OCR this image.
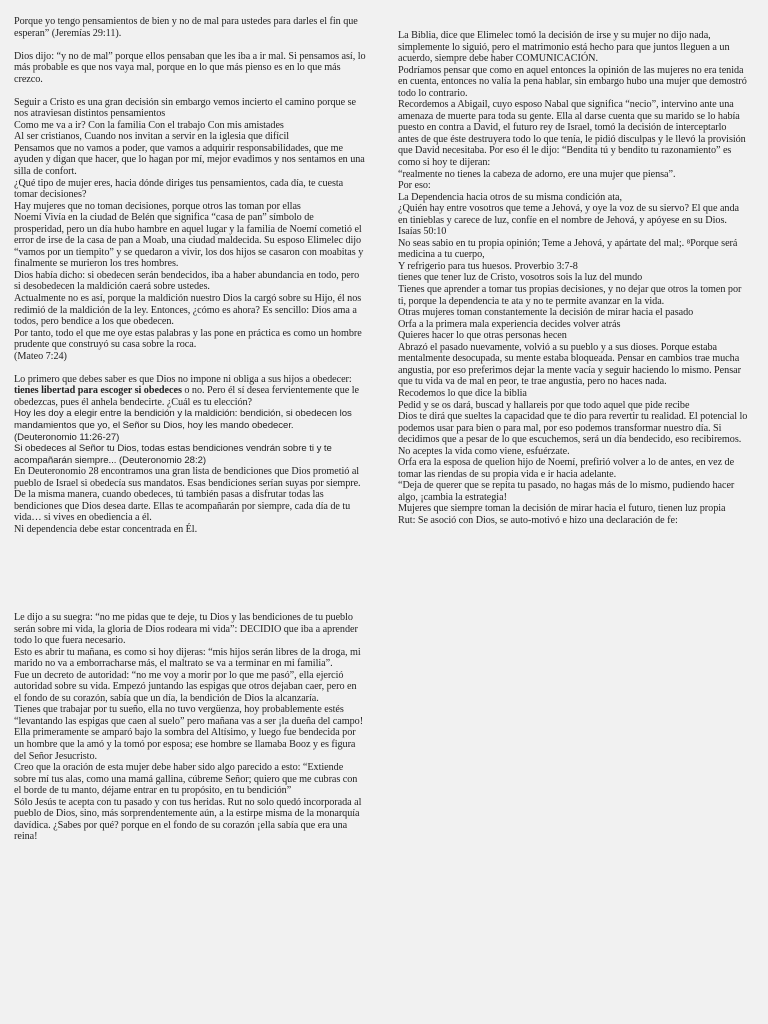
Porque yo tengo pensamientos de bien y no de mal para ustedes para darles el fin que esperan” (Jeremías 29:11).

Dios dijo: “y no de mal” porque ellos pensaban que les iba a ir mal. Si pensamos así, lo más probable es que nos vaya mal, porque en lo que más pienso es en lo que más crezco.

Seguir a Cristo es una gran decisión sin embargo vemos incierto el camino porque se nos atraviesan distintos pensamientos

Como me va a ir? Con la familia Con el trabajo Con mis amistades

Al ser cristianos, Cuando nos invitan a servir en la iglesia que difícil

Pensamos que no vamos a poder, que vamos a adquirir responsabilidades, que me ayuden y digan que hacer, que lo hagan por mí, mejor evadimos y nos sentamos en una silla de confort.

¿Qué tipo de mujer eres, hacia dónde diriges tus pensamientos, cada día, te cuesta tomar decisiones?

Hay mujeres que no toman decisiones, porque otros las toman por ellas

Noemí Vivía en la ciudad de Belén que significa “casa de pan” símbolo de prosperidad, pero un día hubo hambre en aquel lugar y la familia de Noemí cometió el error de irse de la casa de pan a Moab, una ciudad maldecida. Su esposo Elimelec dijo “vamos por un tiempito” y se quedaron a vivir, los dos hijos se casaron con moabitas y finalmente se murieron los tres hombres.

Dios había dicho: si obedecen serán bendecidos, iba a haber abundancia en todo, pero si desobedecen la maldición caerá sobre ustedes.

Actualmente no es así, porque la maldición nuestro Dios la cargó sobre su Hijo, él nos redimió de la maldición de la ley. Entonces, ¿cómo es ahora? Es sencillo: Dios ama a todos, pero bendice a los que obedecen.

Por tanto, todo el que me oye estas palabras y las pone en práctica es como un hombre prudente que construyó su casa sobre la roca.

(Mateo 7:24)

Lo primero que debes saber es que Dios no impone ni obliga a sus hijos a obedecer: tienes libertad para escoger si obedeces o no. Pero él sí desea fervientemente que le obedezcas, pues él anhela bendecirte. ¿Cuál es tu elección?

Hoy les doy a elegir entre la bendición y la maldición: bendición, si obedecen los mandamientos que yo, el Señor su Dios, hoy les mando obedecer.

(Deuteronomio 11:26-27)

Si obedeces al Señor tu Dios, todas estas bendiciones vendrán sobre ti y te acompañarán siempre... (Deuteronomio 28:2)

En Deuteronomio 28 encontramos una gran lista de bendiciones que Dios prometió al pueblo de Israel si obedecía sus mandatos. Esas bendiciones serían suyas por siempre. De la misma manera, cuando obedeces, tú también pasas a disfrutar todas las bendiciones que Dios desea darte. Ellas te acompañarán por siempre, cada día de tu vida… si vives en obediencia a él.

Ni dependencia debe estar concentrada en Él.

Le dijo a su suegra: “no me pidas que te deje, tu Dios y las bendiciones de tu pueblo serán sobre mi vida, la gloria de Dios rodeara mi vida”: DECIDIO que iba a aprender todo lo que fuera necesario.

Esto es abrir tu mañana, es como si hoy dijeras: “mis hijos serán libres de la droga, mi marido no va a emborracharse más, el maltrato se va a terminar en mi familia”.

Fue un decreto de autoridad: “no me voy a morir por lo que me pasó”, ella ejerció autoridad sobre su vida. Empezó juntando las espigas que otros dejaban caer, pero en el fondo de su corazón, sabía que un día, la bendición de Dios la alcanzaría.

Tienes que trabajar por tu sueño, ella no tuvo vergüenza, hoy probablemente estés “levantando las espigas que caen al suelo” pero mañana vas a ser ¡la dueña del campo!

Ella primeramente se amparó bajo la sombra del Altísimo, y luego fue bendecida por un hombre que la amó y la tomó por esposa; ese hombre se llamaba Booz y es figura del Señor Jesucristo.

Creo que la oración de esta mujer debe haber sido algo parecido a esto: “Extiende sobre mí tus alas, como una mamá gallina, cúbreme Señor; quiero que me cubras con el borde de tu manto, déjame entrar en tu propósito, en tu bendición”

Sólo Jesús te acepta con tu pasado y con tus heridas. Rut no solo quedó incorporada al pueblo de Dios, sino, más sorprendentemente aún, a la estirpe misma de la monarquía davídica. ¿Sabes por qué? porque en el fondo de su corazón ¡ella sabía que era una reina!

La Biblia, dice que Elimelec tomó la decisión de irse y su mujer no dijo nada, simplemente lo siguió, pero el matrimonio está hecho para que juntos lleguen a un acuerdo, siempre debe haber COMUNICACIÓN.

Podríamos pensar que como en aquel entonces la opinión de las mujeres no era tenida en cuenta, entonces no valía la pena hablar, sin embargo hubo una mujer que demostró todo lo contrario.

Recordemos a Abigail, cuyo esposo Nabal que significa “necio”, intervino ante una amenaza de muerte para toda su gente. Ella al darse cuenta que su marido se lo había puesto en contra a David, el futuro rey de Israel, tomó la decisión de interceptarlo antes de que éste destruyera todo lo que tenía, le pidió disculpas y le llevó la provisión que David necesitaba. Por eso él le dijo: “Bendita tú y bendito tu razonamiento” es como si hoy te dijeran:

“realmente no tienes la cabeza de adorno, ere una mujer que piensa”.

Por eso:

La Dependencia hacia otros de su misma condición ata,

¿Quién hay entre vosotros que teme a Jehová, y oye la voz de su siervo? El que anda en tinieblas y carece de luz, confíe en el nombre de Jehová, y apóyese en su Dios. Isaías 50:10

No seas sabio en tu propia opinión; Teme a Jehová, y apártate del mal;. ⁸Porque será medicina a tu cuerpo,

Y refrigerio para tus huesos. Proverbio 3:7-8

tienes que tener luz de Cristo, vosotros sois la luz del mundo

Tienes que aprender a tomar tus propias decisiones, y no dejar que otros la tomen por ti, porque la dependencia te ata y no te permite avanzar en la vida.

Otras mujeres toman constantemente la decisión de mirar hacia el pasado

Orfa a la primera mala experiencia decides volver atrás

Quieres hacer lo que otras personas hecen

Abrazó el pasado nuevamente, volvió a su pueblo y a sus dioses. Porque estaba mentalmente desocupada, su mente estaba bloqueada. Pensar en cambios trae mucha angustia, por eso preferimos dejar la mente vacía y seguir haciendo lo mismo. Pensar que tu vida va de mal en peor, te trae angustia, pero no haces nada.

Recodemos lo que dice la biblia

Pedid y se os dará, buscad y hallareis por que todo aquel que pide recibe

Dios te dirá que sueltes la capacidad que te dio para revertir tu realidad. El potencial lo podemos usar para bien o para mal, por eso podemos transformar nuestro día. Si decidimos que a pesar de lo que escuchemos, será un día bendecido, eso recibiremos. No aceptes la vida como viene, esfuérzate.

Orfa era la esposa de quelion hijo de Noemí, prefirió volver a lo de antes, en vez de tomar las riendas de su propia vida e ir hacia adelante.

“Deja de querer que se repita tu pasado, no hagas más de lo mismo, pudiendo hacer algo, ¡cambia la estrategia!

Mujeres que siempre toman la decisión de mirar hacia el futuro, tienen luz propia

Rut: Se asoció con Dios, se auto-motivó e hizo una declaración de fe:
